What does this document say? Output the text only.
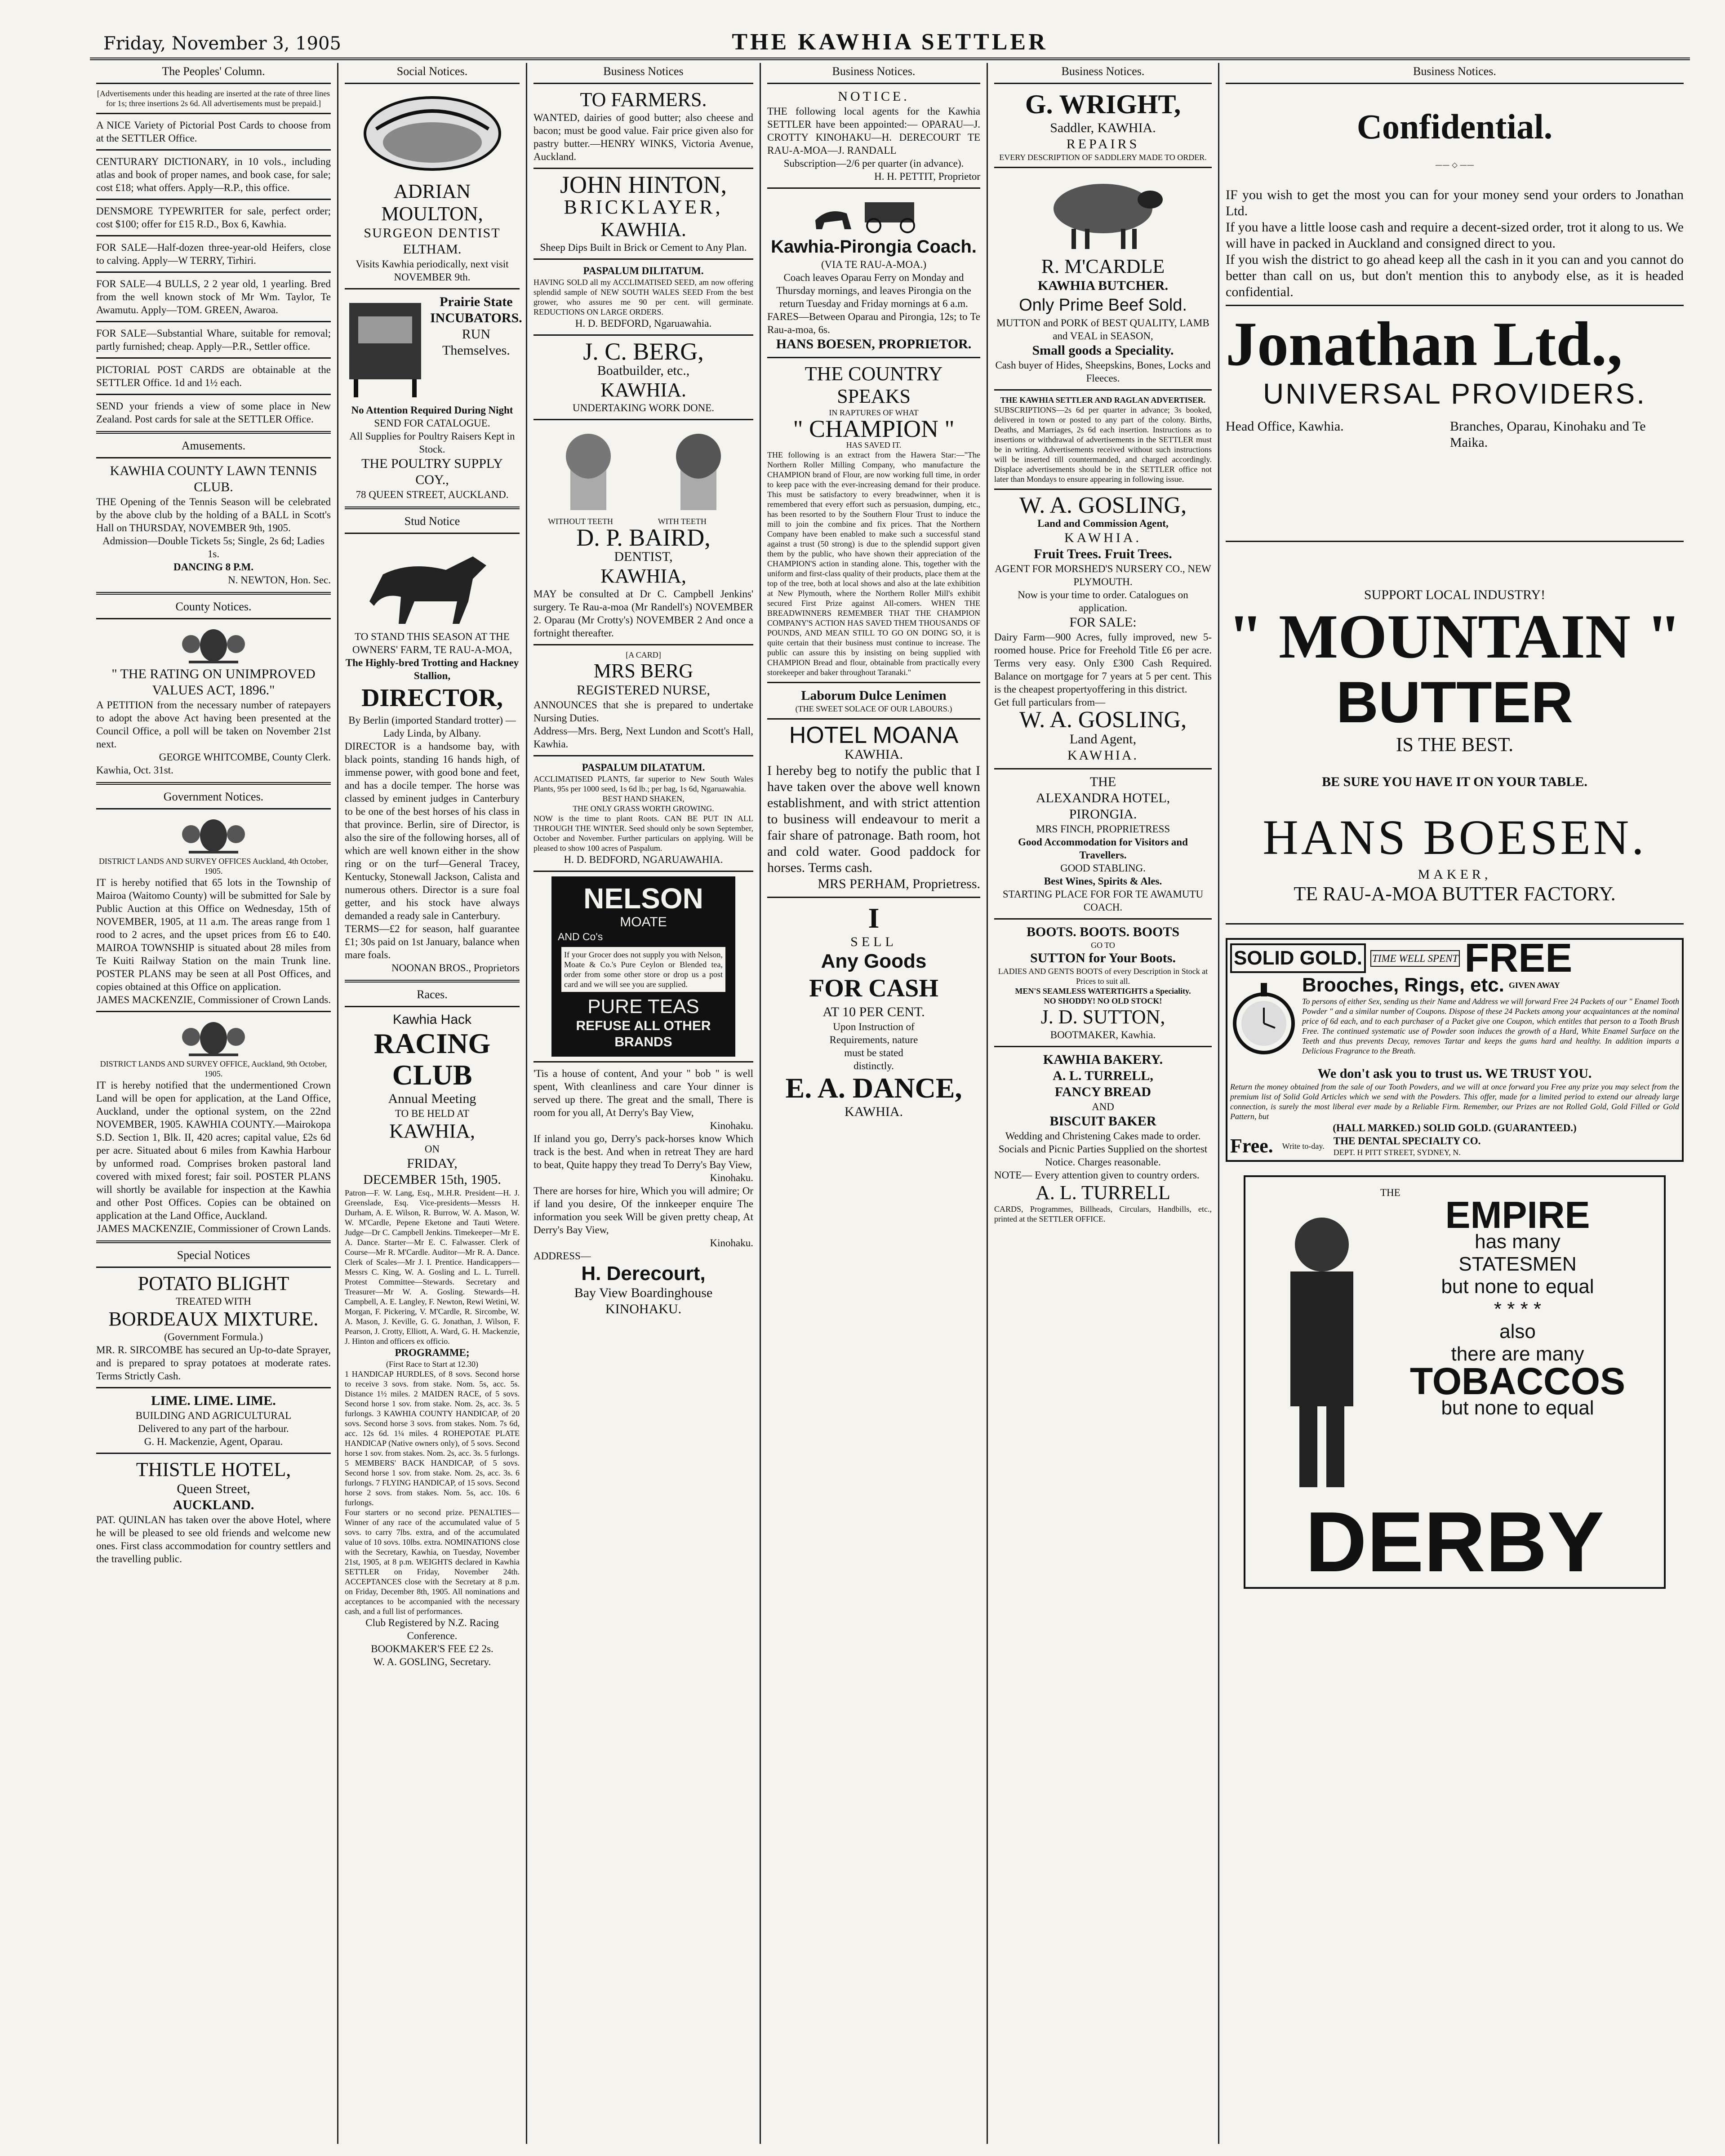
Friday, November 3, 1905	THE KAWHIA SETTLER
The Peoples' Column.
[Advertisements under this heading are inserted at the rate of three lines for 1s; three insertions 2s 6d. All advertisements must be prepaid.]
A NICE Variety of Pictorial Post Cards to choose from at the SETTLER Office.
CENTURARY DICTIONARY, in 10 vols., including atlas and book of proper names, and book case, for sale; cost £18; what offers. Apply—R.P., this office.
DENSMORE TYPEWRITER for sale, perfect order; cost $100; offer for £15 R.D., Box 6, Kawhia.
FOR SALE—Half-dozen three-year-old Heifers, close to calving. Apply—W TERRY, Tirhiri.
FOR SALE—4 BULLS, 2 2 year old, 1 yearling. Bred from the well known stock of Mr Wm. Taylor, Te Awamutu. Apply—TOM. GREEN, Awaroa.
FOR SALE—Substantial Whare, suitable for removal; partly furnished; cheap. Apply—P.R., Settler office.
PICTORIAL POST CARDS are obtainable at the SETTLER Office. 1d and 1½ each.
SEND your friends a view of some place in New Zealand. Post cards for sale at the SETTLER Office.
Amusements.
KAWHIA COUNTY LAWN TENNIS CLUB.
THE Opening of the Tennis Season will be celebrated by the above club by the holding of a BALL in Scott's Hall on THURSDAY, NOVEMBER 9th, 1905.
Admission—Double Tickets 5s; Single, 2s 6d; Ladies 1s.
DANCING 8 P.M.
N. NEWTON, Hon. Sec.
County Notices.
" THE RATING ON UNIMPROVED VALUES ACT, 1896."
A PETITION from the necessary number of ratepayers to adopt the above Act having been presented at the Council Office, a poll will be taken on November 21st next.
GEORGE WHITCOMBE, County Clerk.
Kawhia, Oct. 31st.
Government Notices.
DISTRICT LANDS AND SURVEY OFFICES Auckland, 4th October, 1905.
IT is hereby notified that 65 lots in the Township of Mairoa (Waitomo County) will be submitted for Sale by Public Auction at this Office on Wednesday, 15th of NOVEMBER, 1905, at 11 a.m. The areas range from 1 rood to 2 acres, and the upset prices from £6 to £40. MAIROA TOWNSHIP is situated about 28 miles from Te Kuiti Railway Station on the main Trunk line. POSTER PLANS may be seen at all Post Offices, and copies obtained at this Office on application.
JAMES MACKENZIE, Commissioner of Crown Lands.
DISTRICT LANDS AND SURVEY OFFICE, Auckland, 9th October, 1905.
IT is hereby notified that the undermentioned Crown Land will be open for application, at the Land Office, Auckland, under the optional system, on the 22nd NOVEMBER, 1905. KAWHIA COUNTY.—Mairokopa S.D. Section 1, Blk. II, 420 acres; capital value, £2s 6d per acre. Situated about 6 miles from Kawhia Harbour by unformed road. Comprises broken pastoral land covered with mixed forest; fair soil. POSTER PLANS will shortly be available for inspection at the Kawhia and other Post Offices. Copies can be obtained on application at the Land Office, Auckland.
JAMES MACKENZIE, Commissioner of Crown Lands.
Special Notices
POTATO BLIGHT
TREATED WITH
BORDEAUX MIXTURE.
(Government Formula.)
MR. R. SIRCOMBE has secured an Up-to-date Sprayer, and is prepared to spray potatoes at moderate rates. Terms Strictly Cash.
LIME. LIME. LIME.
BUILDING AND AGRICULTURAL
Delivered to any part of the harbour.
G. H. Mackenzie, Agent, Oparau.
THISTLE HOTEL,
Queen Street,
AUCKLAND.
PAT. QUINLAN has taken over the above Hotel, where he will be pleased to see old friends and welcome new ones. First class accommodation for country settlers and the travelling public.
Social Notices.
ADRIAN MOULTON,
SURGEON DENTIST
ELTHAM.
Visits Kawhia periodically, next visit NOVEMBER 9th.
Prairie State INCUBATORS.
RUN Themselves.
No Attention Required During Night
SEND FOR CATALOGUE.
All Supplies for Poultry Raisers Kept in Stock.
THE POULTRY SUPPLY COY.,
78 QUEEN STREET, AUCKLAND.
Stud Notice
TO STAND THIS SEASON AT THE OWNERS' FARM, TE RAU-A-MOA,
The Highly-bred Trotting and Hackney Stallion,
DIRECTOR,
By Berlin (imported Standard trotter) —Lady Linda, by Albany.
DIRECTOR is a handsome bay, with black points, standing 16 hands high, of immense power, with good bone and feet, and has a docile temper. The horse was classed by eminent judges in Canterbury to be one of the best horses of his class in that province. Berlin, sire of Director, is also the sire of the following horses, all of which are well known either in the show ring or on the turf—General Tracey, Kentucky, Stonewall Jackson, Calista and numerous others. Director is a sure foal getter, and his stock have always demanded a ready sale in Canterbury.
TERMS—£2 for season, half guarantee £1; 30s paid on 1st January, balance when mare foals.
NOONAN BROS., Proprietors
Races.
Kawhia Hack
RACING CLUB
Annual Meeting
TO BE HELD AT
KAWHIA,
ON
FRIDAY,
DECEMBER 15th, 1905.
Patron—F. W. Lang, Esq., M.H.R. President—H. J. Greenslade, Esq. Vice-presidents—Messrs H. Durham, A. E. Wilson, R. Burrow, W. A. Mason, W. W. M'Cardle, Pepene Eketone and Tauti Wetere. Judge—Dr C. Campbell Jenkins. Timekeeper—Mr E. A. Dance. Starter—Mr E. C. Falwasser. Clerk of Course—Mr R. M'Cardle. Auditor—Mr R. A. Dance. Clerk of Scales—Mr J. I. Prentice. Handicappers—Messrs C. King, W. A. Gosling and L. L. Turrell. Protest Committee—Stewards. Secretary and Treasurer—Mr W. A. Gosling. Stewards—H. Campbell, A. E. Langley, F. Newton, Rewi Wetini, W. Morgan, F. Pickering, V. M'Cardle, R. Sircombe, W. A. Mason, J. Keville, G. G. Jonathan, J. Wilson, F. Pearson, J. Crotty, Elliott, A. Ward, G. H. Mackenzie, J. Hinton and officers ex officio.
PROGRAMME;
(First Race to Start at 12.30)
1 HANDICAP HURDLES, of 8 sovs. Second horse to receive 3 sovs. from stake. Nom. 5s, acc. 5s. Distance 1½ miles. 2 MAIDEN RACE, of 5 sovs. Second horse 1 sov. from stake. Nom. 2s, acc. 3s. 5 furlongs. 3 KAWHIA COUNTY HANDICAP, of 20 sovs. Second horse 3 sovs. from stakes. Nom. 7s 6d, acc. 12s 6d. 1¼ miles. 4 ROHEPOTAE PLATE HANDICAP (Native owners only), of 5 sovs. Second horse 1 sov. from stakes. Nom. 2s, acc. 3s. 5 furlongs. 5 MEMBERS' BACK HANDICAP, of 5 sovs. Second horse 1 sov. from stake. Nom. 2s, acc. 3s. 6 furlongs. 7 FLYING HANDICAP, of 15 sovs. Second horse 2 sovs. from stakes. Nom. 5s, acc. 10s. 6 furlongs.
Four starters or no second prize. PENALTIES—Winner of any race of the accumulated value of 5 sovs. to carry 7lbs. extra, and of the accumulated value of 10 sovs. 10lbs. extra. NOMINATIONS close with the Secretary, Kawhia, on Tuesday, November 21st, 1905, at 8 p.m. WEIGHTS declared in Kawhia SETTLER on Friday, November 24th. ACCEPTANCES close with the Secretary at 8 p.m. on Friday, December 8th, 1905. All nominations and acceptances to be accompanied with the necessary cash, and a full list of performances.
Club Registered by N.Z. Racing Conference.
BOOKMAKER'S FEE £2 2s.
W. A. GOSLING, Secretary.
Business Notices
TO FARMERS.
WANTED, dairies of good butter; also cheese and bacon; must be good value. Fair price given also for pastry butter.—HENRY WINKS, Victoria Avenue, Auckland.
JOHN HINTON,
BRICKLAYER,
KAWHIA.
Sheep Dips Built in Brick or Cement to Any Plan.
PASPALUM DILITATUM.
HAVING SOLD all my ACCLIMATISED SEED, am now offering splendid sample of NEW SOUTH WALES SEED From the best grower, who assures me 90 per cent. will germinate. REDUCTIONS ON LARGE ORDERS.
H. D. BEDFORD, Ngaruawahia.
J. C. BERG,
Boatbuilder, etc.,
KAWHIA.
UNDERTAKING WORK DONE.
WITHOUT TEETH	WITH TEETH
D. P. BAIRD,
DENTIST,
KAWHIA,
MAY be consulted at Dr C. Campbell Jenkins' surgery. Te Rau-a-moa (Mr Randell's) NOVEMBER 2. Oparau (Mr Crotty's) NOVEMBER 2 And once a fortnight thereafter.
[A CARD]
MRS BERG
REGISTERED NURSE,
ANNOUNCES that she is prepared to undertake Nursing Duties.
Address—Mrs. Berg, Next Lundon and Scott's Hall, Kawhia.
PASPALUM DILATATUM.
ACCLIMATISED PLANTS, far superior to New South Wales Plants, 95s per 1000 seed, 1s 6d lb.; per bag, 1s 6d, Ngaruawahia.
BEST HAND SHAKEN,
THE ONLY GRASS WORTH GROWING.
NOW is the time to plant Roots. CAN BE PUT IN ALL THROUGH THE WINTER. Seed should only be sown September, October and November. Further particulars on applying. Will be pleased to show 100 acres of Paspalum.
H. D. BEDFORD, NGARUAWAHIA.
NELSON
MOATE
AND Co's
If your Grocer does not supply you with Nelson, Moate & Co.'s Pure Ceylon or Blended tea, order from some other store or drop us a post card and we will see you are supplied.
PURE TEAS
REFUSE ALL OTHER BRANDS
'Tis a house of content, And your " bob " is well spent, With cleanliness and care Your dinner is served up there. The great and the small, There is room for you all, At Derry's Bay View,
Kinohaku.
If inland you go, Derry's pack-horses know Which track is the best. And when in retreat They are hard to beat, Quite happy they tread To Derry's Bay View,
Kinohaku.
There are horses for hire, Which you will admire; Or if land you desire, Of the innkeeper enquire The information you seek Will be given pretty cheap, At Derry's Bay View,
Kinohaku.
ADDRESS—
H. Derecourt,
Bay View Boardinghouse
KINOHAKU.
Business Notices.
NOTICE.
THE following local agents for the Kawhia SETTLER have been appointed:— OPARAU—J. CROTTY KINOHAKU—H. DERECOURT TE RAU-A-MOA—J. RANDALL
Subscription—2/6 per quarter (in advance).
H. H. PETTIT, Proprietor
Kawhia-Pirongia Coach.
(VIA TE RAU-A-MOA.)
Coach leaves Oparau Ferry on Monday and Thursday mornings, and leaves Pirongia on the return Tuesday and Friday mornings at 6 a.m.
FARES—Between Oparau and Pirongia, 12s; to Te Rau-a-moa, 6s.
HANS BOESEN, PROPRIETOR.
THE COUNTRY SPEAKS
IN RAPTURES OF WHAT
" CHAMPION "
HAS SAVED IT.
THE following is an extract from the Hawera Star:—"The Northern Roller Milling Company, who manufacture the CHAMPION brand of Flour, are now working full time, in order to keep pace with the ever-increasing demand for their produce. This must be satisfactory to every breadwinner, when it is remembered that every effort such as persuasion, dumping, etc., has been resorted to by the Southern Flour Trust to induce the mill to join the combine and fix prices. That the Northern Company have been enabled to make such a successful stand against a trust (50 strong) is due to the splendid support given them by the public, who have shown their appreciation of the CHAMPION'S action in standing alone. This, together with the uniform and first-class quality of their products, place them at the top of the tree, both at local shows and also at the late exhibition at New Plymouth, where the Northern Roller Mill's exhibit secured First Prize against All-comers. WHEN THE BREADWINNERS REMEMBER THAT THE CHAMPION COMPANY'S ACTION HAS SAVED THEM THOUSANDS OF POUNDS, AND MEAN STILL TO GO ON DOING SO, it is quite certain that their business must continue to increase. The public can assure this by insisting on being supplied with CHAMPION Bread and flour, obtainable from practically every storekeeper and baker throughout Taranaki."
Laborum Dulce Lenimen
(THE SWEET SOLACE OF OUR LABOURS.)
HOTEL MOANA
KAWHIA.
I hereby beg to notify the public that I have taken over the above well known establishment, and with strict attention to business will endeavour to merit a fair share of patronage. Bath room, hot and cold water. Good paddock for horses. Terms cash.
MRS PERHAM, Proprietress.
I
SELL
Any Goods
FOR CASH
AT 10 PER CENT.
Upon Instruction of
Requirements, nature
must be stated
distinctly.
E. A. DANCE,
KAWHIA.
Business Notices.
G. WRIGHT,
Saddler, KAWHIA.
REPAIRS
EVERY DESCRIPTION OF SADDLERY MADE TO ORDER.
R. M'CARDLE
KAWHIA BUTCHER.
Only Prime Beef Sold.
MUTTON and PORK of BEST QUALITY, LAMB and VEAL in SEASON,
Small goods a Speciality.
Cash buyer of Hides, Sheepskins, Bones, Locks and Fleeces.
THE KAWHIA SETTLER AND RAGLAN ADVERTISER.
SUBSCRIPTIONS—2s 6d per quarter in advance; 3s booked, delivered in town or posted to any part of the colony. Births, Deaths, and Marriages, 2s 6d each insertion. Instructions as to insertions or withdrawal of advertisements in the SETTLER must be in writing. Advertisements received without such instructions will be inserted till countermanded, and charged accordingly. Displace advertisements should be in the SETTLER office not later than Mondays to ensure appearing in following issue.
W. A. GOSLING,
Land and Commission Agent,
KAWHIA.
Fruit Trees. Fruit Trees.
AGENT FOR MORSHED'S NURSERY CO., NEW PLYMOUTH.
Now is your time to order. Catalogues on application.
FOR SALE:
Dairy Farm—900 Acres, fully improved, new 5-roomed house. Price for Freehold Title £6 per acre. Terms very easy. Only £300 Cash Required. Balance on mortgage for 7 years at 5 per cent. This is the cheapest propertyoffering in this district.
Get full particulars from—
W. A. GOSLING,
Land Agent,
KAWHIA.
THE
ALEXANDRA HOTEL,
PIRONGIA.
MRS FINCH, PROPRIETRESS
Good Accommodation for Visitors and Travellers.
GOOD STABLING.
Best Wines, Spirits & Ales.
STARTING PLACE FOR FOR TE AWAMUTU COACH.
BOOTS. BOOTS. BOOTS
GO TO
SUTTON for Your Boots.
LADIES AND GENTS BOOTS of every Description in Stock at Prices to suit all.
MEN'S SEAMLESS WATERTIGHTS a Speciality.
NO SHODDY! NO OLD STOCK!
J. D. SUTTON,
BOOTMAKER, Kawhia.
KAWHIA BAKERY.
A. L. TURRELL,
FANCY BREAD
AND
BISCUIT BAKER
Wedding and Christening Cakes made to order. Socials and Picnic Parties Supplied on the shortest Notice. Charges reasonable.
NOTE— Every attention given to country orders.
A. L. TURRELL
CARDS, Programmes, Billheads, Circulars, Handbills, etc., printed at the SETTLER OFFICE.
Business Notices.
Confidential.
—— ◇ ——
IF you wish to get the most you can for your money send your orders to Jonathan Ltd.
If you have a little loose cash and require a decent-sized order, trot it along to us. We will have in packed in Auckland and consigned direct to you.
If you wish the district to go ahead keep all the cash in it you can and you cannot do better than call on us, but don't mention this to anybody else, as it is headed confidential.
Jonathan Ltd.,
UNIVERSAL PROVIDERS.
Head Office, Kawhia.	Branches, Oparau, Kinohaku and Te Maika.
SUPPORT LOCAL INDUSTRY!
" MOUNTAIN "
BUTTER
IS THE BEST.
BE SURE YOU HAVE IT ON YOUR TABLE.
HANS BOESEN.
MAKER,
TE RAU-A-MOA BUTTER FACTORY.
SOLID GOLD. TIME WELL SPENT FREE
Brooches, Rings, etc. GIVEN AWAY
To persons of either Sex, sending us their Name and Address we will forward Free 24 Packets of our " Enamel Tooth Powder " and a similar number of Coupons. Dispose of these 24 Packets among your acquaintances at the nominal price of 6d each, and to each purchaser of a Packet give one Coupon, which entitles that person to a Tooth Brush Free. The continued systematic use of Powder soon induces the growth of a Hard, White Enamel Surface on the Teeth and thus prevents Decay, removes Tartar and keeps the gums hard and healthy. In addition imparts a Delicious Fragrance to the Breath.
We don't ask you to trust us. WE TRUST YOU.
Return the money obtained from the sale of our Tooth Powders, and we will at once forward you Free any prize you may select from the premium list of Solid Gold Articles which we send with the Powders. This offer, made for a limited period to extend our already large connection, is surely the most liberal ever made by a Reliable Firm. Remember, our Prizes are not Rolled Gold, Gold Filled or Gold Pattern, but
(HALL MARKED.) SOLID GOLD. (GUARANTEED.)
Free. Write to-day. THE DENTAL SPECIALTY CO.
DEPT. H PITT STREET, SYDNEY, N.
THE
EMPIRE
has many
STATESMEN
but none to equal
* * * *
also
there are many
TOBACCOS
but none to equal
DERBY
